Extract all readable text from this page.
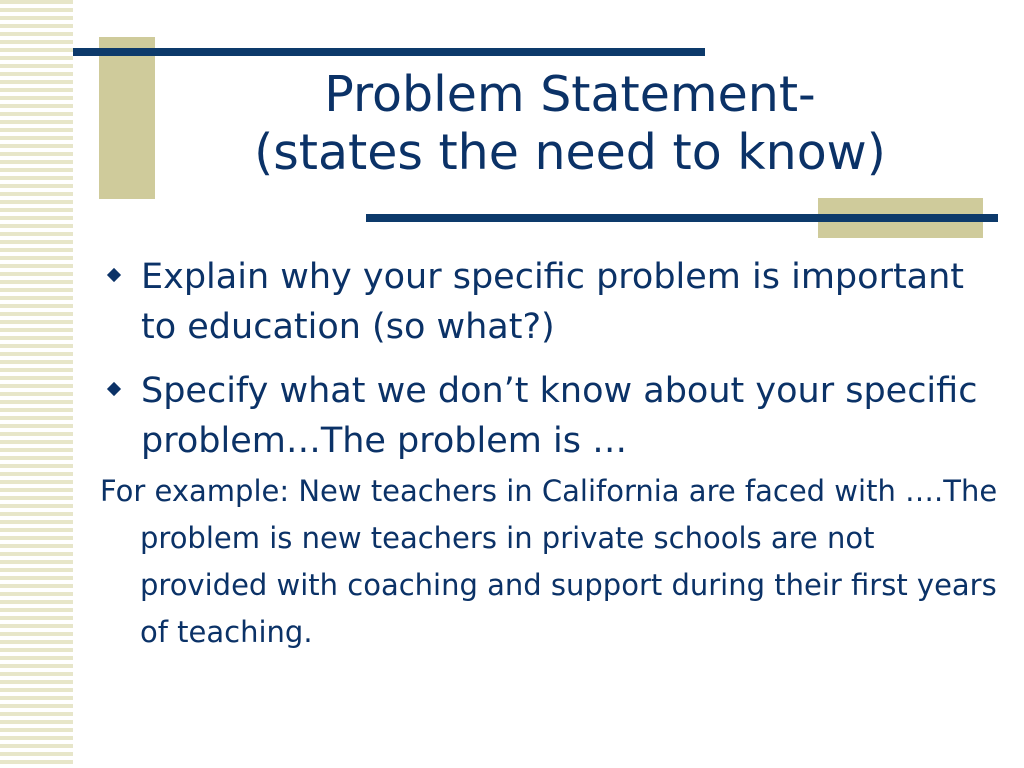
Problem Statement-
(states the need to know)
Explain why your specific problem is important to education (so what?)
Specify what we don’t know about your specific problem…The problem is …
For example: New teachers in California are faced with ….The problem is new teachers in private schools are not provided with coaching and support during their first years of teaching.
